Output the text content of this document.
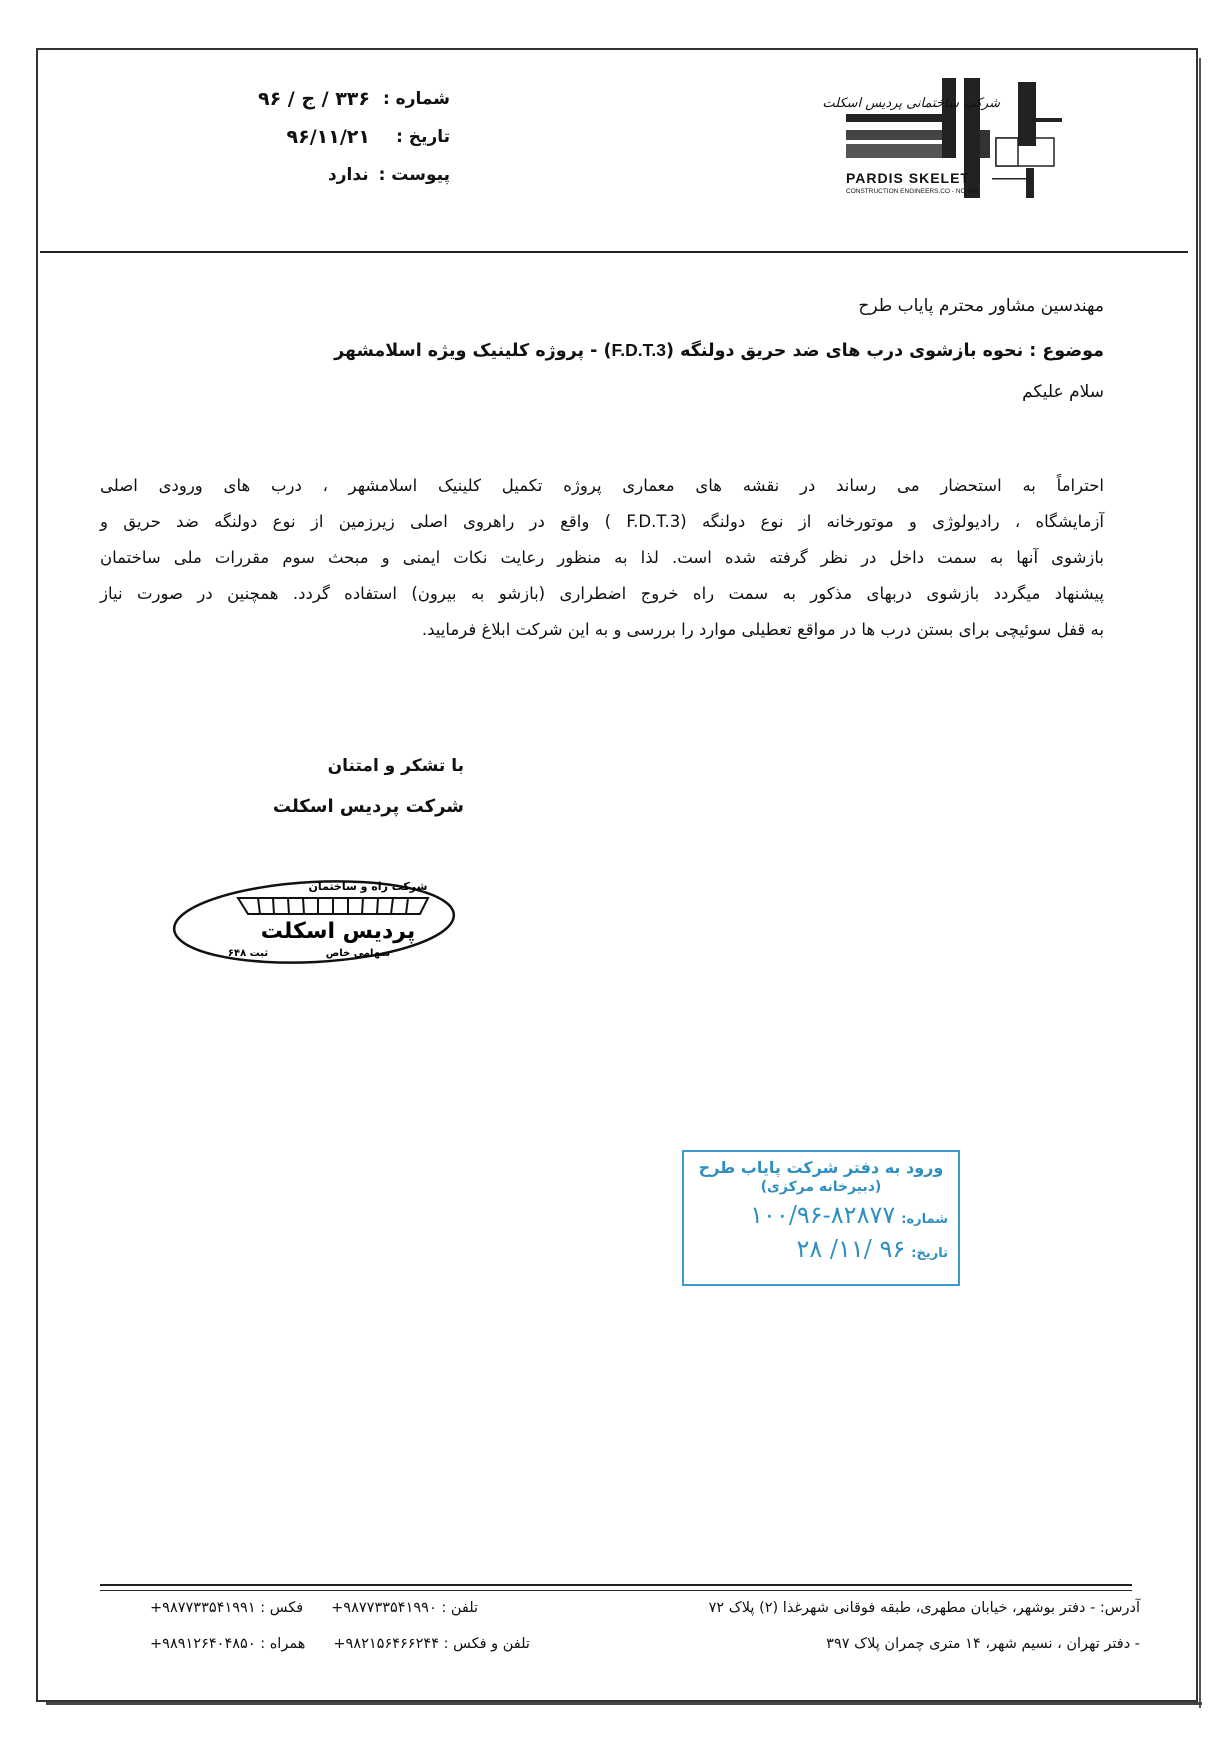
شماره :
۳۳۶ / ج / ۹۶
تاریخ :
۹۶/۱۱/۲۱
پیوست :
ندارد
شرکت ساختمانی پردیس اسکلت
PARDIS SKELET
CONSTRUCTION ENGINEERS.CO - NO.648
مهندسین مشاور محترم پایاب طرح
موضوع : نحوه بازشوی درب های ضد حریق دولنگه (F.D.T.3) - پروژه کلینیک ویژه اسلامشهر
سلام علیکم
احتراماً به استحضار می رساند در نقشه های معماری پروژه تکمیل کلینیک اسلامشهر ، درب های ورودی اصلی
آزمایشگاه ، رادیولوژی و موتورخانه از نوع دولنگه (F.D.T.3 ) واقع در راهروی اصلی زیرزمین از نوع دولنگه ضد حریق و
بازشوی آنها به سمت داخل در نظر گرفته شده است. لذا به منظور رعایت نکات ایمنی و مبحث سوم مقررات ملی ساختمان
پیشنهاد میگردد بازشوی دربهای مذکور به سمت راه خروج اضطراری (بازشو به بیرون) استفاده گردد. همچنین در صورت نیاز
به قفل سوئیچی برای بستن درب ها در مواقع تعطیلی موارد را بررسی و به این شرکت ابلاغ فرمایید.
با تشکر و امتنان
شرکت پردیس اسکلت
شرکت راه و ساختمان
پردیس اسکلت
ثبت ۶۴۸	سهامی خاص
ورود به دفتر شرکت پایاب طرح
(دبیرخانه مرکزی)
شماره:
۱۰۰/۹۶-۸۲۸۷۷
تاریخ:
۹۶ /۱۱/ ۲۸
آدرس: - دفتر بوشهر، خیابان مطهری، طبقه فوقانی شهرغذا (۲) پلاک ۷۲
تلفن : +۹۸۷۷۳۳۵۴۱۹۹۰
فکس : +۹۸۷۷۳۳۵۴۱۹۹۱
- دفتر تهران ، نسیم شهر، ۱۴ متری چمران پلاک ۳۹۷
تلفن و فکس : +۹۸۲۱۵۶۴۶۶۲۴۴
همراه : +۹۸۹۱۲۶۴۰۴۸۵۰
